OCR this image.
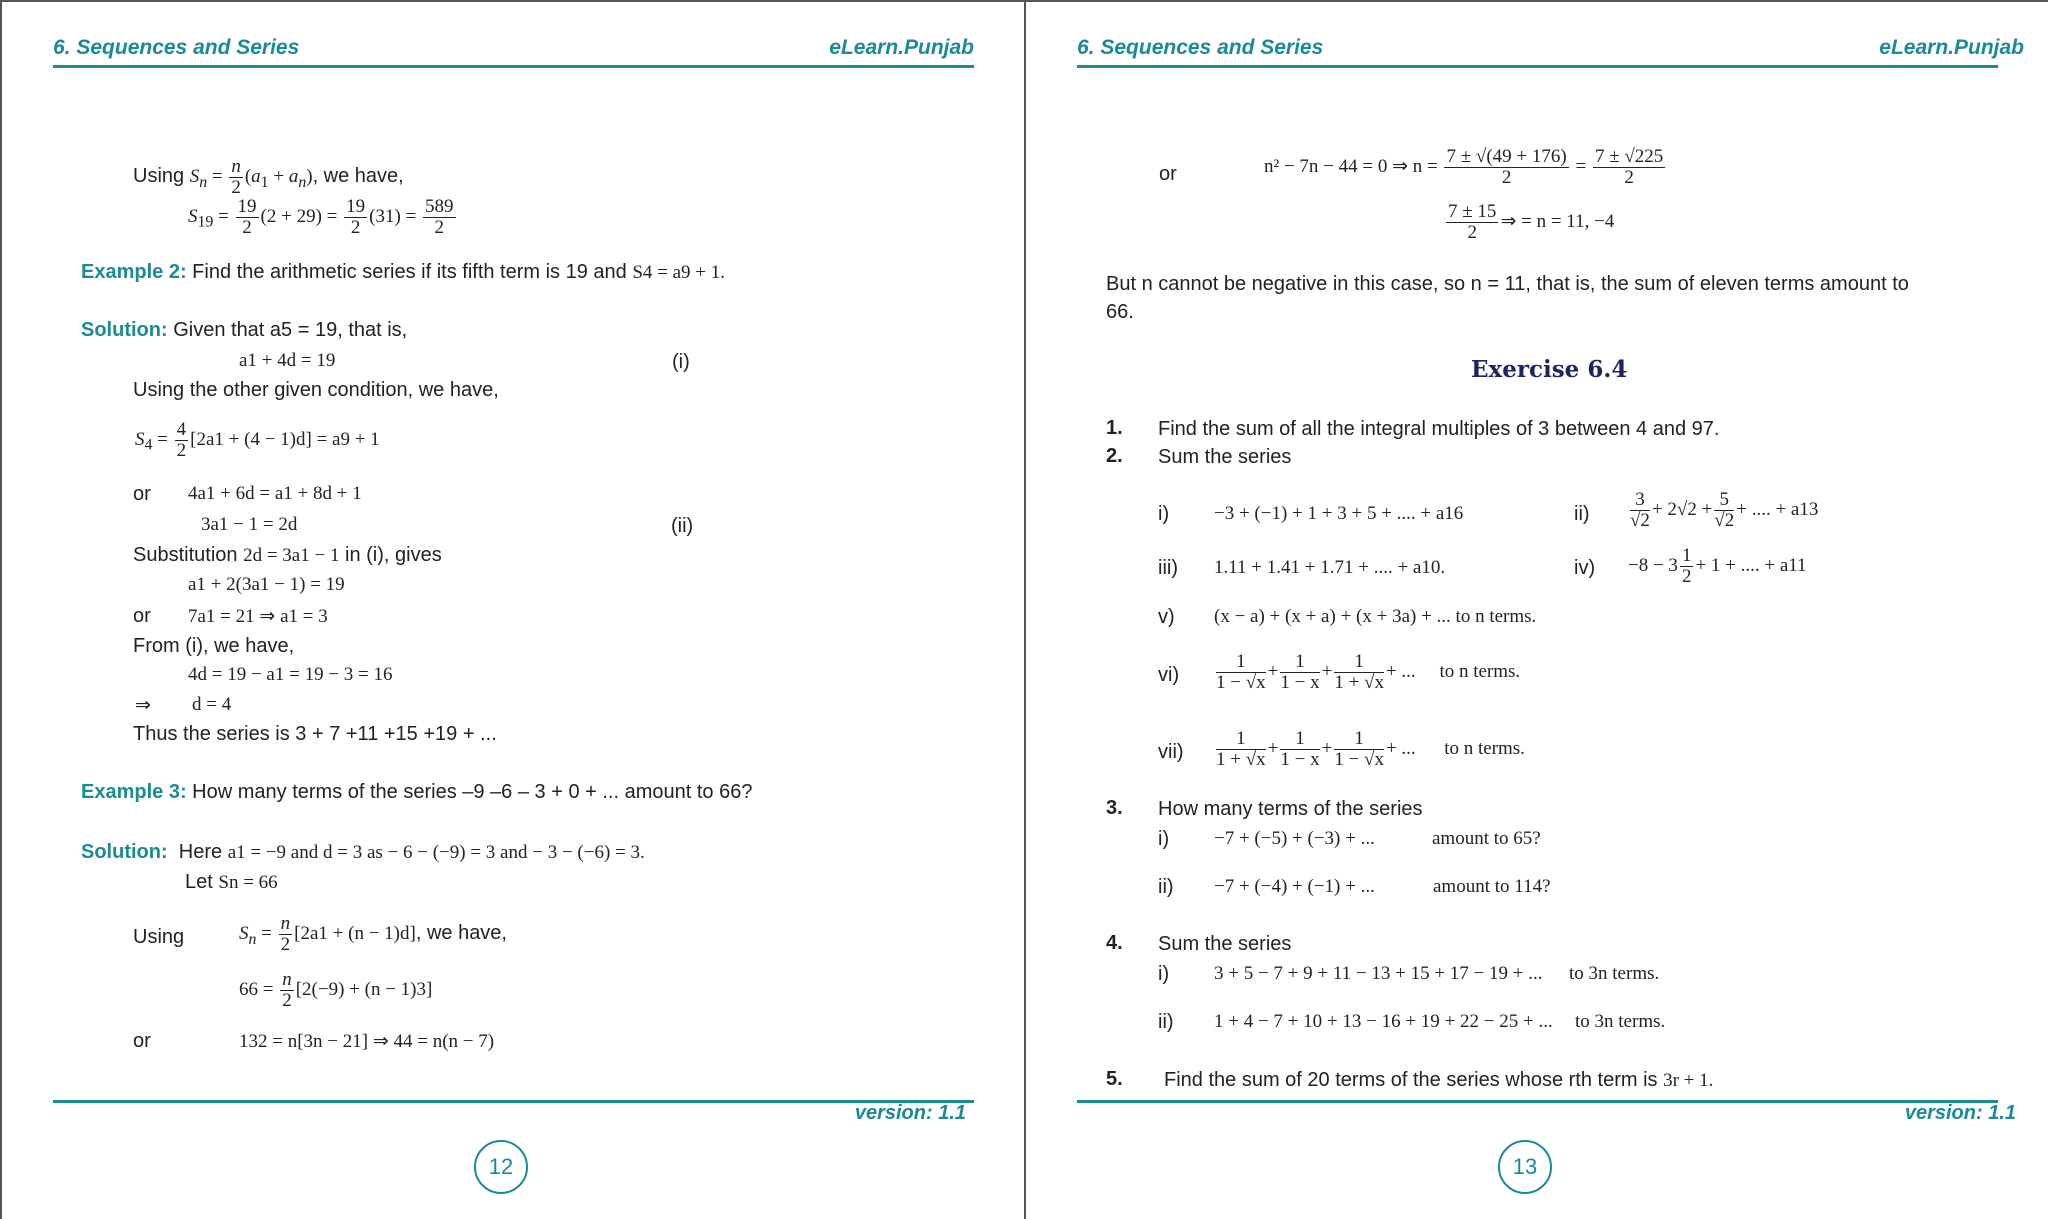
6. Sequences and Series	eLearn.Punjab
Using $S_n = \frac{n}{2} (a_1 + a_n)$, we have,
$S_{19} = \frac{19}{2} (2 + 29) = \frac{19}{2} (31) = \frac{589}{2}$
Example 2: Find the arithmetic series if its fifth term is 19 and S4 = a9 + 1.
Solution: Given that a5 = 19, that is,
a1 + 4d = 19	(i)
Using the other given condition, we have,
$S_4 = \frac{4}{2} [2a1 + (4 - 1)d] = a9 + 1$
or 4a1 + 6d = a1 + 8d + 1
3a1 − 1 = 2d	(ii)
Substitution 2d = 3a1 − 1 in (i), gives
a1 + 2(3a1 − 1) = 19
or 7a1 = 21 ⇒ a1 = 3
From (i), we have,
4d = 19 − a1 = 19 − 3 = 16
⇒ d = 4
Thus the series is 3 + 7 +11 +15 +19 + ...
Example 3: How many terms of the series –9 –6 – 3 + 0 + ... amount to 66?
Solution: Here a1 = −9 and d = 3 as − 6 − (−9) = 3 and − 3 − (−6) = 3.
Let Sn = 66
Using	$S_n = \frac{n}{2} [2a1 + (n - 1)d]$, we have,
$66 = \frac{n}{2} [2(-9) + (n - 1)3]$
or	132 = n[3n − 21] ⇒ 44 = n(n − 7)
version: 1.1
12
6. Sequences and Series	eLearn.Punjab
or	n² − 7n − 44 = 0 ⇒ $n = \frac{7 \pm √(49 + 176)}{2} = \frac{7 \pm √225}{2}$
$\frac{7 \pm 15}{2}$ ⇒ = n = 11, −4
But n cannot be negative in this case, so n = 11, that is, the sum of eleven terms amount to
66.
Exercise 6.4
1. Find the sum of all the integral multiples of 3 between 4 and 97.
2. Sum the series
i) −3 + (−1) + 1 + 3 + 5 + .... + a16	$ii) \frac{3}{√2} + 2√2 + \frac{5}{√2}$ + .... + a13
iii) 1.11 + 1.41 + 1.71 + .... + a10.	$iv) -8 - 3 \frac{1}{2} + 1$ + .... + a11
v) (x − a) + (x + a) + (x + 3a) + ... to n terms.
$vi) \frac{1}{1 - √x} + \frac{1}{1 - x} + \frac{1}{1 + √x}$ + ...     to n terms.
$vii) \frac{1}{1 + √x} + \frac{1}{1 - x} + \frac{1}{1 - √x}$ + ...      to n terms.
3. How many terms of the series
i) −7 + (−5) + (−3) + ...	amount to 65?
ii) −7 + (−4) + (−1) + ...	amount to 114?
4. Sum the series
i) 3 + 5 − 7 + 9 + 11 − 13 + 15 + 17 − 19 + ... to 3n terms.
ii) 1 + 4 − 7 + 10 + 13 − 16 + 19 + 22 − 25 + ... to 3n terms.
5. Find the sum of 20 terms of the series whose rth term is 3r + 1.
version: 1.1
13
